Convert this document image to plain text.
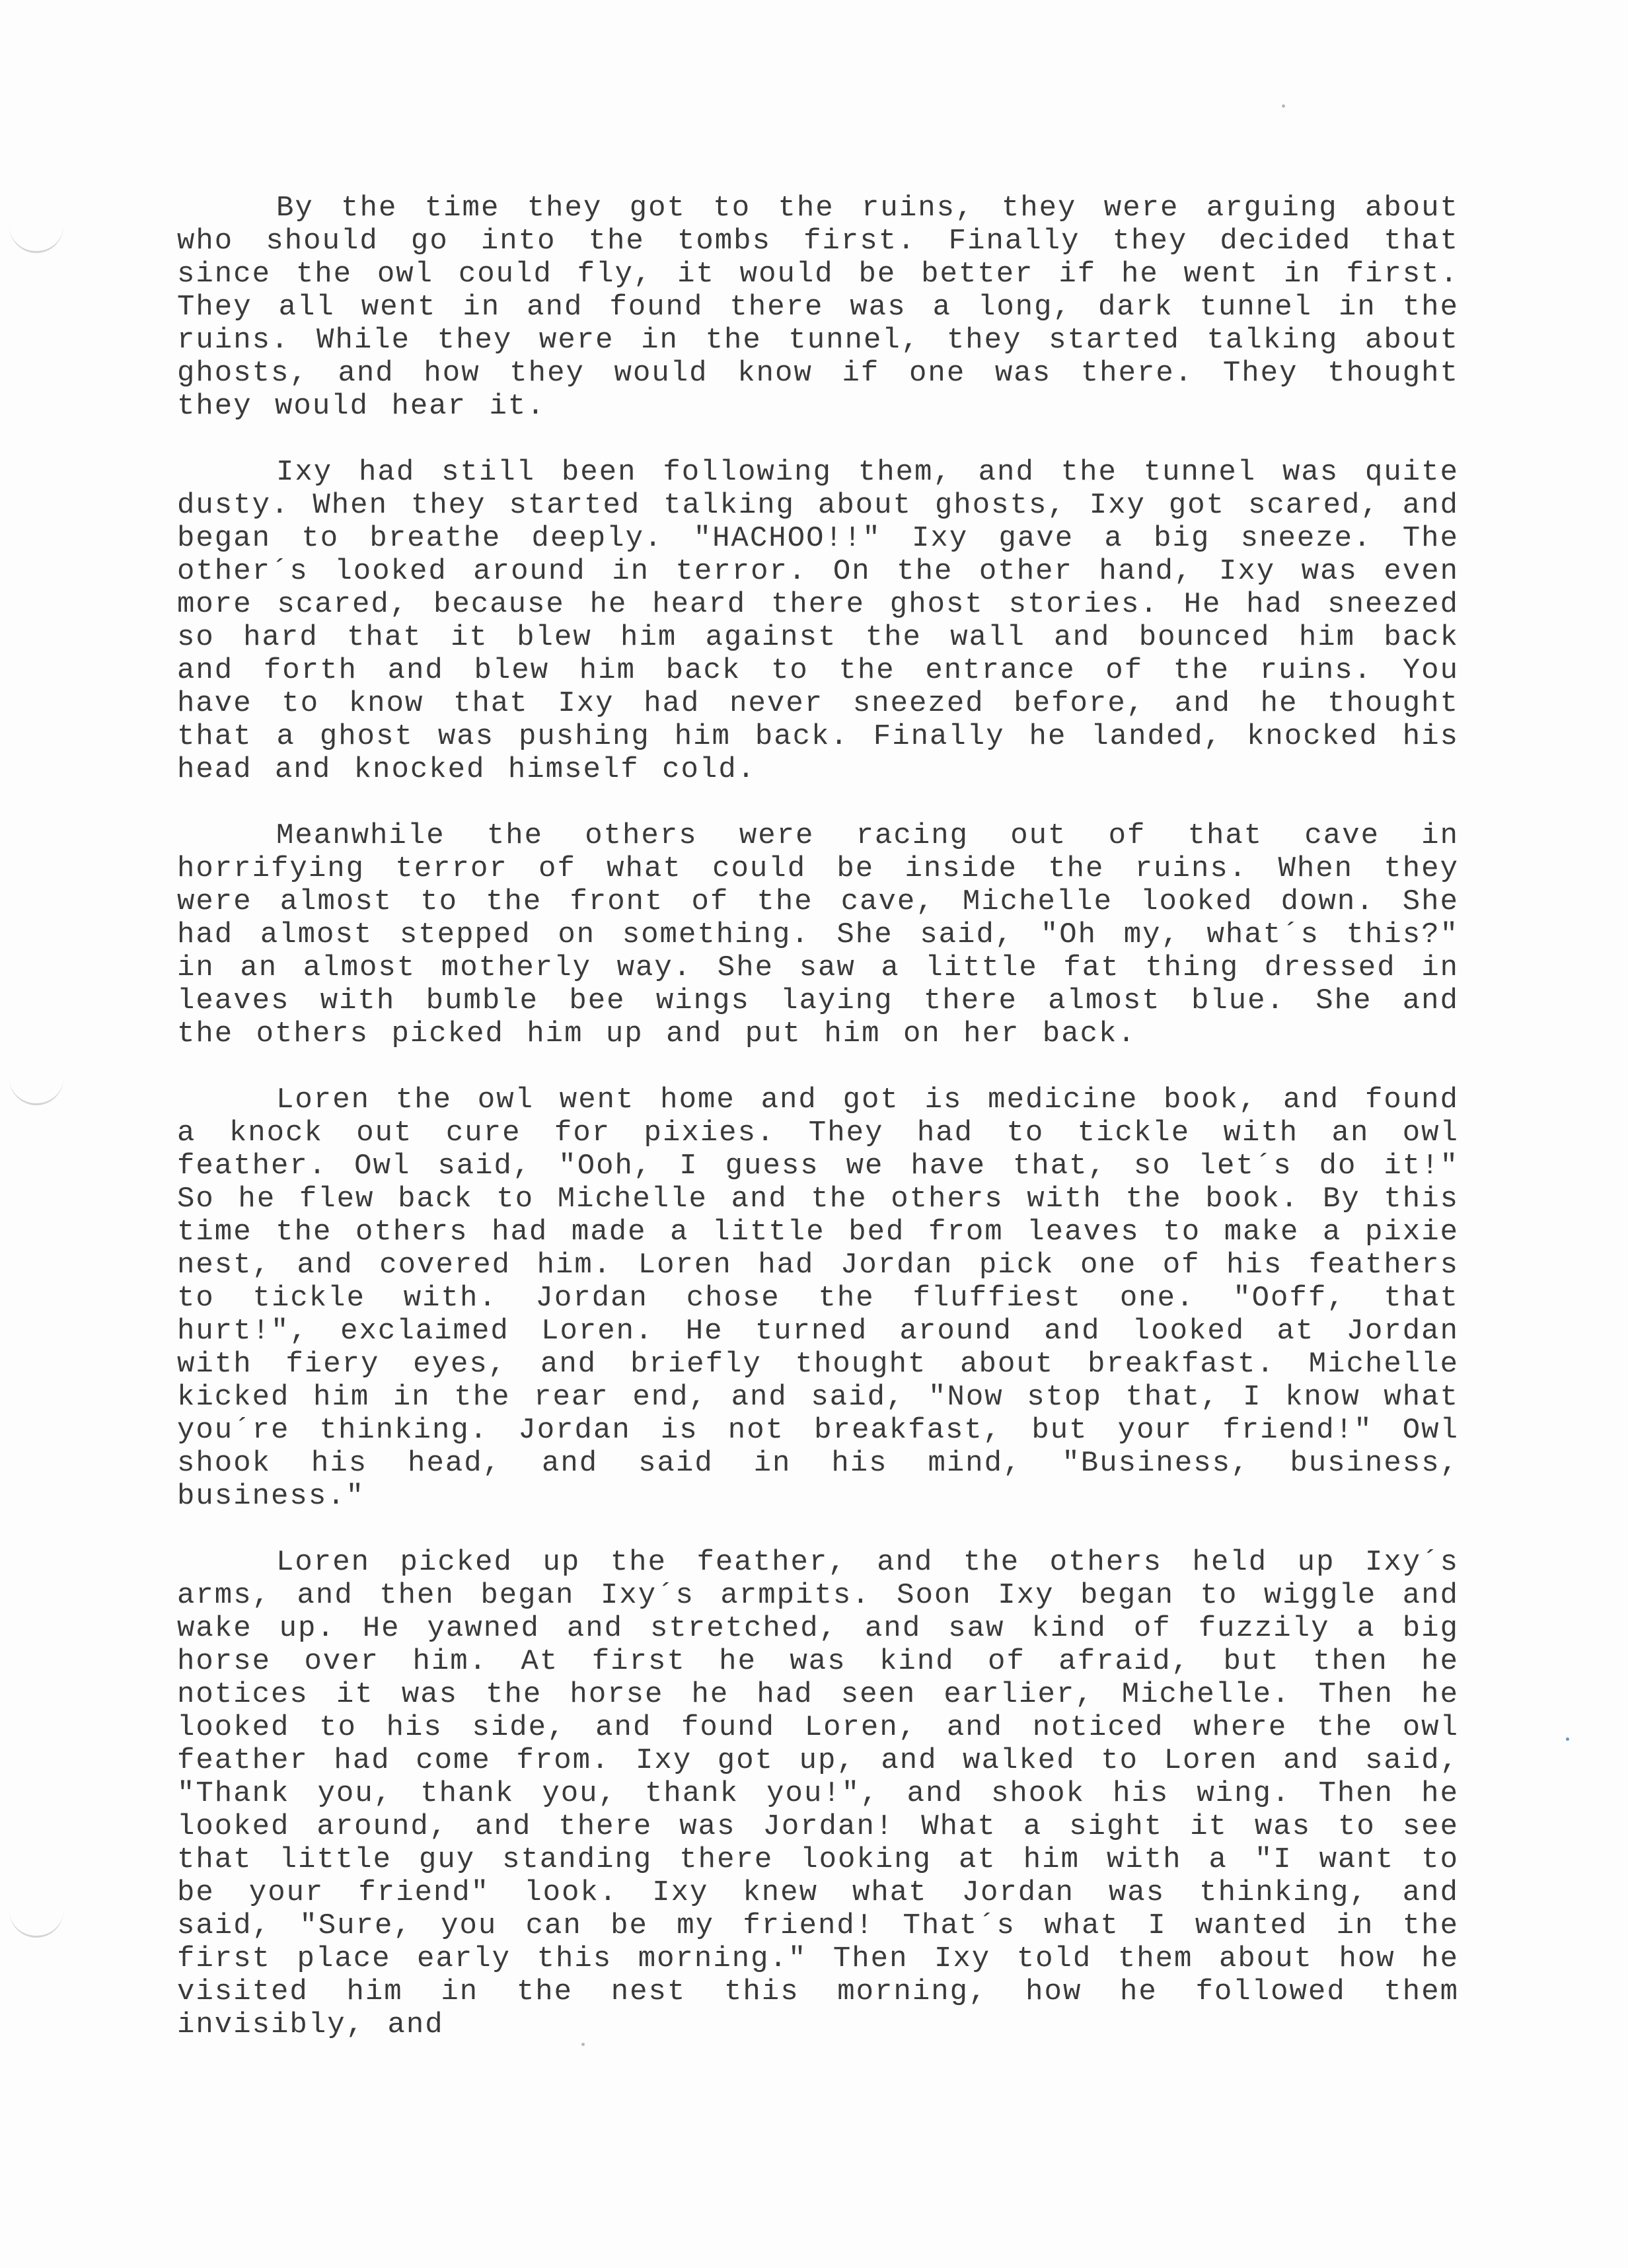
By the time they got to the ruins, they were arguing about who should go into the tombs first. Finally they decided that since the owl could fly, it would be better if he went in first. They all went in and found there was a long, dark tunnel in the ruins. While they were in the tunnel, they started talking about ghosts, and how they would know if one was there. They thought they would hear it.

Ixy had still been following them, and the tunnel was quite dusty. When they started talking about ghosts, Ixy got scared, and began to breathe deeply. "HACHOO!!" Ixy gave a big sneeze. The other´s looked around in terror. On the other hand, Ixy was even more scared, because he heard there ghost stories. He had sneezed so hard that it blew him against the wall and bounced him back and forth and blew him back to the entrance of the ruins. You have to know that Ixy had never sneezed before, and he thought that a ghost was pushing him back. Finally he landed, knocked his head and knocked himself cold.

Meanwhile the others were racing out of that cave in horrifying terror of what could be inside the ruins. When they were almost to the front of the cave, Michelle looked down. She had almost stepped on something. She said, "Oh my, what´s this?" in an almost motherly way. She saw a little fat thing dressed in leaves with bumble bee wings laying there almost blue. She and the others picked him up and put him on her back.

Loren the owl went home and got is medicine book, and found a knock out cure for pixies. They had to tickle with an owl feather. Owl said, "Ooh, I guess we have that, so let´s do it!" So he flew back to Michelle and the others with the book. By this time the others had made a little bed from leaves to make a pixie nest, and covered him. Loren had Jordan pick one of his feathers to tickle with. Jordan chose the fluffiest one. "Ooff, that hurt!", exclaimed Loren. He turned around and looked at Jordan with fiery eyes, and briefly thought about breakfast. Michelle kicked him in the rear end, and said, "Now stop that, I know what you´re thinking. Jordan is not breakfast, but your friend!" Owl shook his head, and said in his mind, "Business, business, business."

Loren picked up the feather, and the others held up Ixy´s arms, and then began Ixy´s armpits. Soon Ixy began to wiggle and wake up. He yawned and stretched, and saw kind of fuzzily a big horse over him. At first he was kind of afraid, but then he notices it was the horse he had seen earlier, Michelle. Then he looked to his side, and found Loren, and noticed where the owl feather had come from. Ixy got up, and walked to Loren and said, "Thank you, thank you, thank you!", and shook his wing. Then he looked around, and there was Jordan! What a sight it was to see that little guy standing there looking at him with a "I want to be your friend" look. Ixy knew what Jordan was thinking, and said, "Sure, you can be my friend! That´s what I wanted in the first place early this morning." Then Ixy told them about how he visited him in the nest this morning, how he followed them invisibly, and
